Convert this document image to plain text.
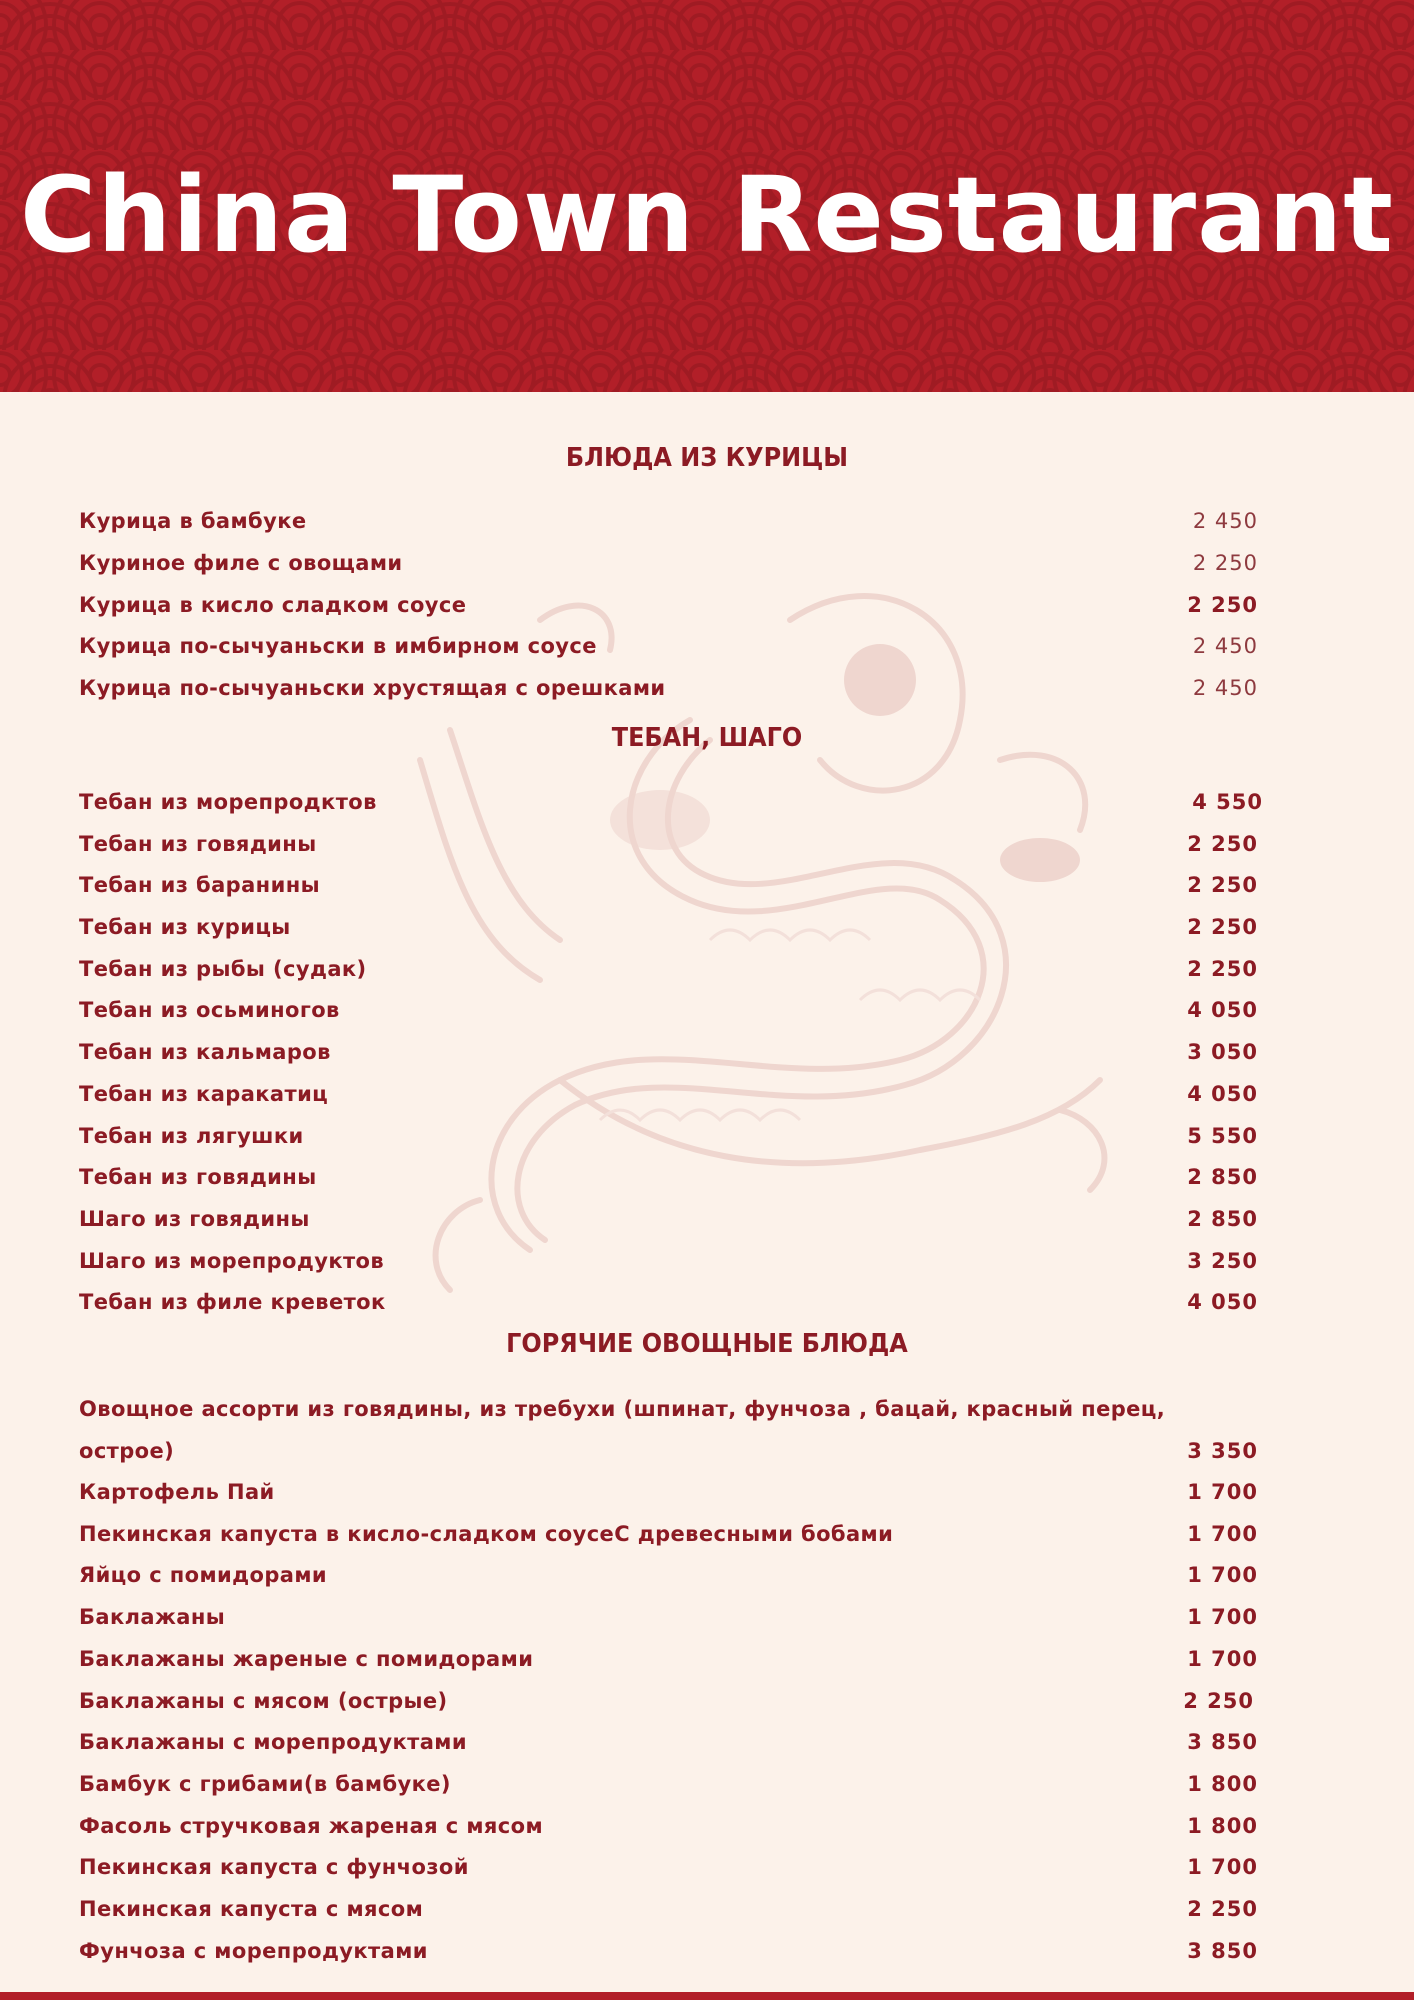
China Town Restaurant
БЛЮДА ИЗ КУРИЦЫ
Курица в бамбуке	2 450
Куриное филе с овощами	2 250
Курица в кисло сладком соусе	2 250
Курица по-сычуаньски в имбирном соусе	2 450
Курица по-сычуаньски хрустящая с орешками	2 450
ТЕБАН, ШАГО
Тебан из морепродктов	4 550
Тебан из говядины	2 250
Тебан из баранины	2 250
Тебан из курицы	2 250
Тебан из рыбы (судак)	2 250
Тебан из осьминогов	4 050
Тебан из кальмаров	3 050
Тебан из каракатиц	4 050
Тебан из лягушки	5 550
Тебан из говядины	2 850
Шаго из говядины	2 850
Шаго из морепродуктов	3 250
Тебан из филе креветок	4 050
ГОРЯЧИЕ ОВОЩНЫЕ БЛЮДА
Овощное ассорти из говядины, из требухи (шпинат, фунчоза , бацай, красный перец,
острое)	3 350
Картофель Пай	1 700
Пекинская капуста в кисло-сладком соусеС древесными бобами	1 700
Яйцо с помидорами	1 700
Баклажаны	1 700
Баклажаны жареные с помидорами	1 700
Баклажаны с мясом (острые)	2 250
Баклажаны с морепродуктами	3 850
Бамбук с грибами(в бамбуке)	1 800
Фасоль стручковая жареная с мясом	1 800
Пекинская капуста с фунчозой	1 700
Пекинская капуста с мясом	2 250
Фунчоза с морепродуктами	3 850
